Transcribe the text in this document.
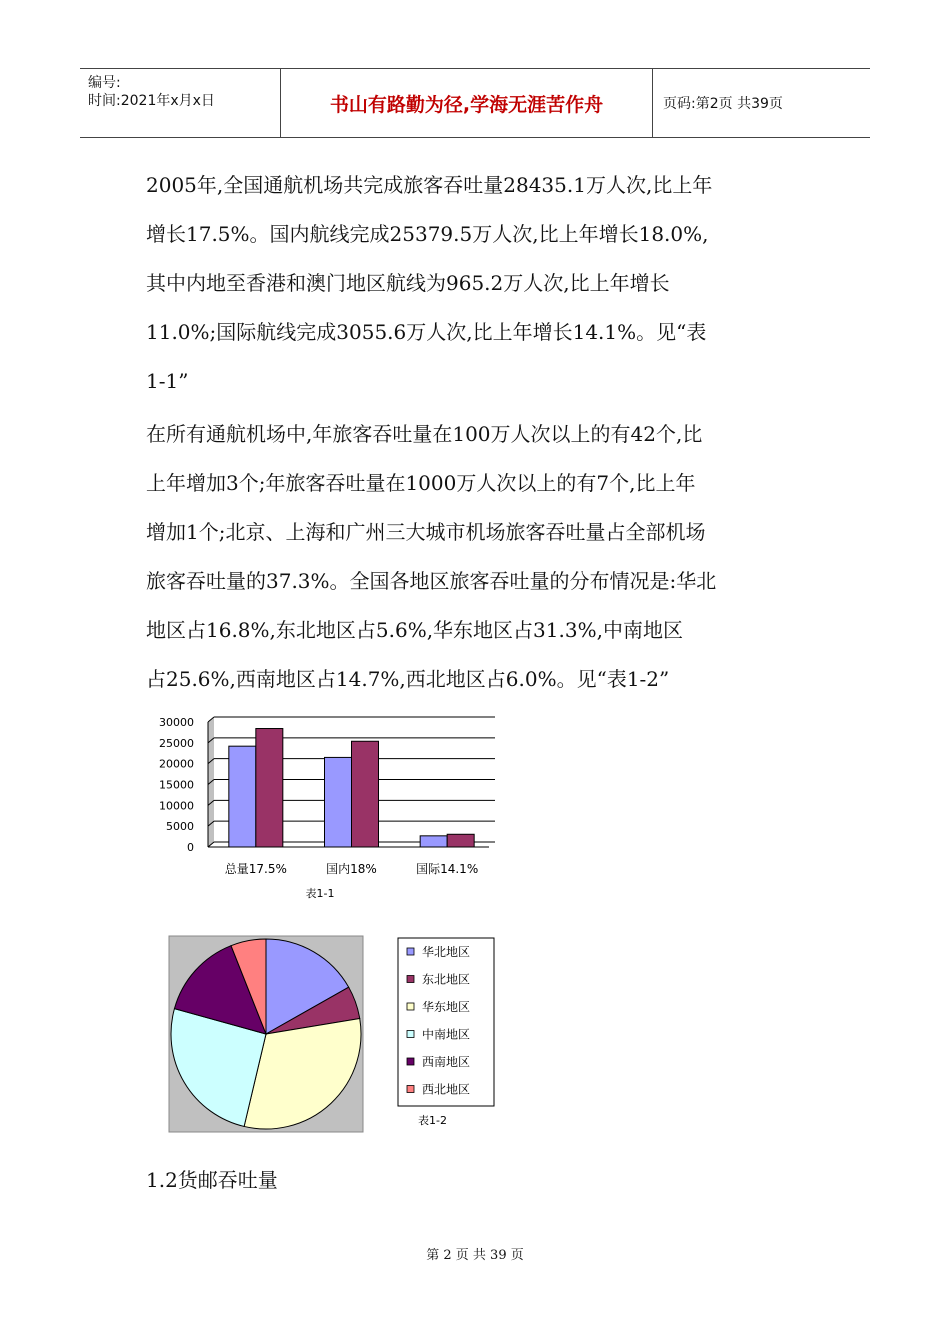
编号:
时间:2021年x月x日	书山有路勤为径,学海无涯苦作舟	页码:第2页 共39页
2005年,全国通航机场共完成旅客吞吐量28435.1万人次,比上年
增长17.5%。国内航线完成25379.5万人次,比上年增长18.0%,
其中内地至香港和澳门地区航线为965.2万人次,比上年增长
11.0%;国际航线完成3055.6万人次,比上年增长14.1%。见“表
1-1”
在所有通航机场中,年旅客吞吐量在100万人次以上的有42个,比
上年增加3个;年旅客吞吐量在1000万人次以上的有7个,比上年
增加1个;北京、上海和广州三大城市机场旅客吞吐量占全部机场
旅客吞吐量的37.3%。全国各地区旅客吞吐量的分布情况是:华北
地区占16.8%,东北地区占5.6%,华东地区占31.3%,中南地区
占25.6%,西南地区占14.7%,西北地区占6.0%。见“表1-2”
0
5000
10000
15000
20000
25000
30000
总量17.5%	国内18%	国际14.1%
表1-1
华北地区
东北地区
华东地区
中南地区
西南地区
西北地区
表1-2
1.2货邮吞吐量
第 2 页 共 39 页
